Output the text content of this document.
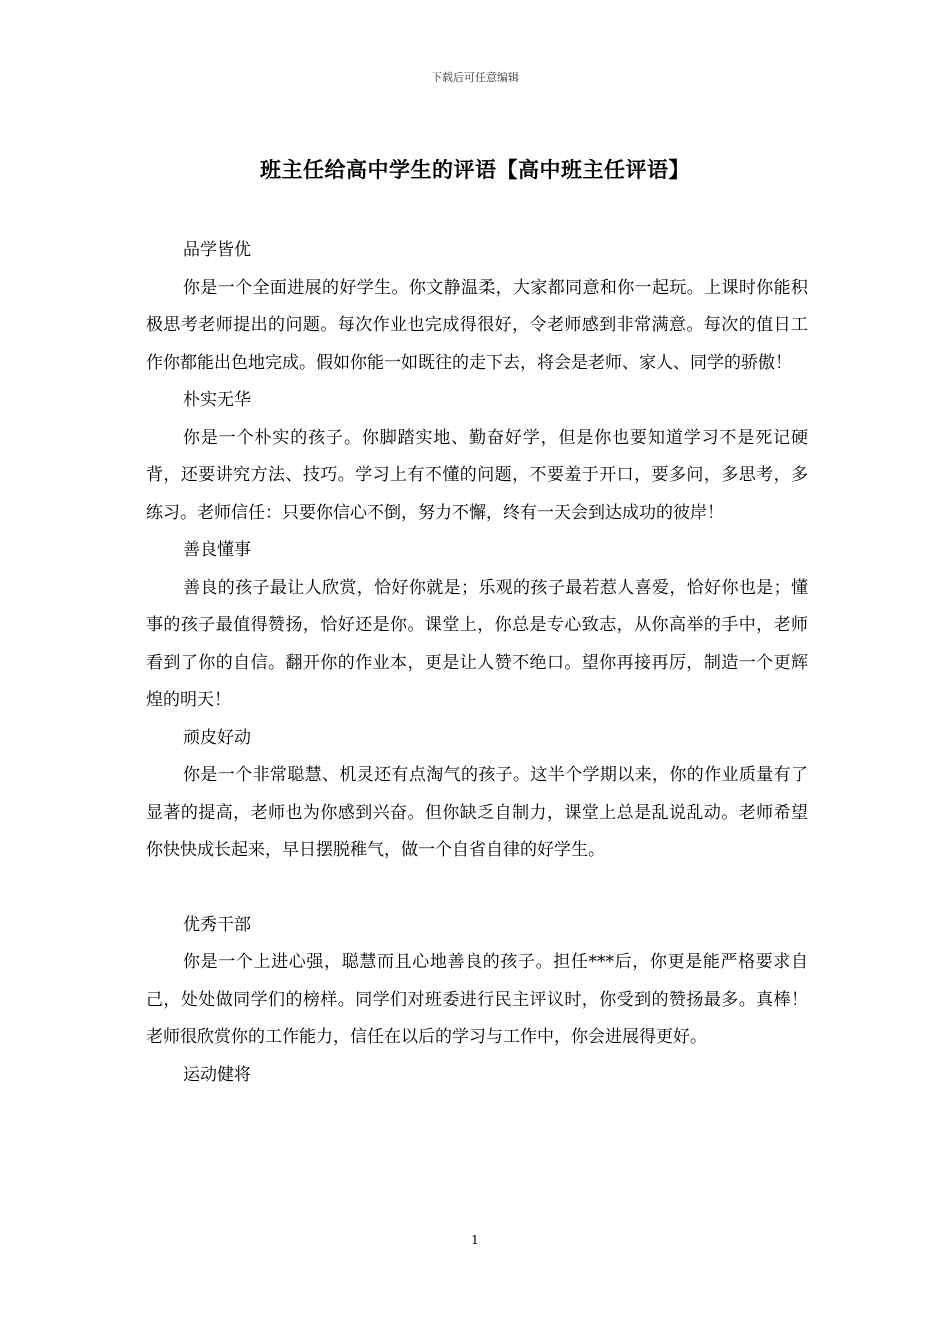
下载后可任意编辑
班主任给高中学生的评语【高中班主任评语】

品学皆优

你是一个全面进展的好学生。你文静温柔，大家都同意和你一起玩。上课时你能积极思考老师提出的问题。每次作业也完成得很好，令老师感到非常满意。每次的值日工作你都能出色地完成。假如你能一如既往的走下去，将会是老师、家人、同学的骄傲！

朴实无华

你是一个朴实的孩子。你脚踏实地、勤奋好学，但是你也要知道学习不是死记硬背，还要讲究方法、技巧。学习上有不懂的问题，不要羞于开口，要多问，多思考，多练习。老师信任：只要你信心不倒，努力不懈，终有一天会到达成功的彼岸！

善良懂事

善良的孩子最让人欣赏，恰好你就是；乐观的孩子最若惹人喜爱，恰好你也是；懂事的孩子最值得赞扬，恰好还是你。课堂上，你总是专心致志，从你高举的手中，老师看到了你的自信。翻开你的作业本，更是让人赞不绝口。望你再接再厉，制造一个更辉煌的明天！

顽皮好动

你是一个非常聪慧、机灵还有点淘气的孩子。这半个学期以来，你的作业质量有了显著的提高，老师也为你感到兴奋。但你缺乏自制力，课堂上总是乱说乱动。老师希望你快快成长起来，早日摆脱稚气，做一个自省自律的好学生。

优秀干部

你是一个上进心强，聪慧而且心地善良的孩子。担任***后，你更是能严格要求自己，处处做同学们的榜样。同学们对班委进行民主评议时，你受到的赞扬最多。真棒！老师很欣赏你的工作能力，信任在以后的学习与工作中，你会进展得更好。

运动健将

1
